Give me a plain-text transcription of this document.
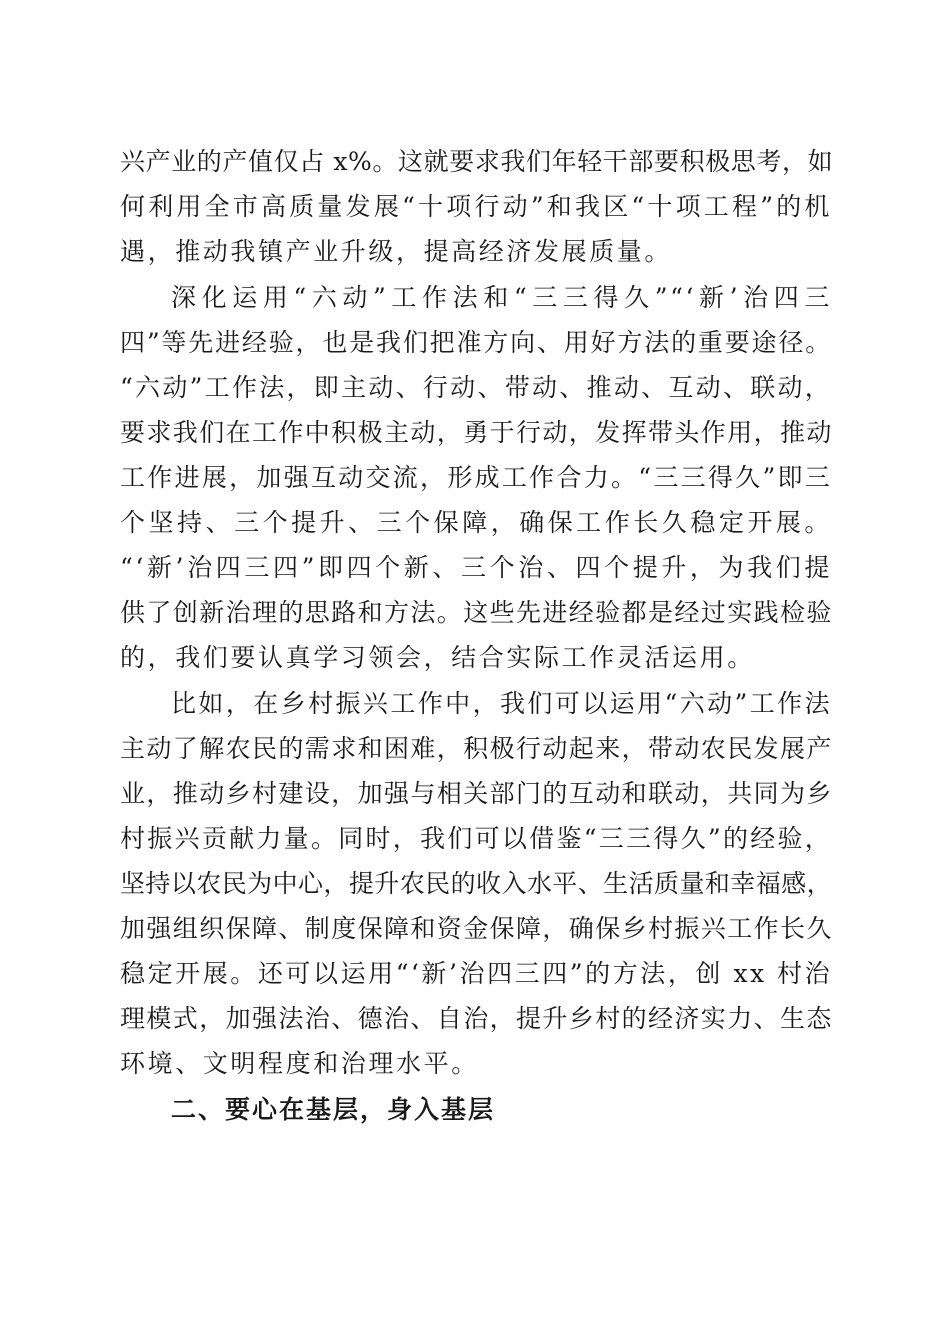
兴产业的产值仅占 x%。这就要求我们年轻干部要积极思考，如
何利用全市高质量发展“十项行动”和我区“十项工程”的机
遇，推动我镇产业升级，提高经济发展质量。
深化运用“六动”工作法和“三三得久”“‘新’治四三
四”等先进经验，也是我们把准方向、用好方法的重要途径。
“六动”工作法，即主动、行动、带动、推动、互动、联动，
要求我们在工作中积极主动，勇于行动，发挥带头作用，推动
工作进展，加强互动交流，形成工作合力。“三三得久”即三
个坚持、三个提升、三个保障，确保工作长久稳定开展。
“‘新’治四三四”即四个新、三个治、四个提升，为我们提
供了创新治理的思路和方法。这些先进经验都是经过实践检验
的，我们要认真学习领会，结合实际工作灵活运用。
比如，在乡村振兴工作中，我们可以运用“六动”工作法
主动了解农民的需求和困难，积极行动起来，带动农民发展产
业，推动乡村建设，加强与相关部门的互动和联动，共同为乡
村振兴贡献力量。同时，我们可以借鉴“三三得久”的经验，
坚持以农民为中心，提升农民的收入水平、生活质量和幸福感，
加强组织保障、制度保障和资金保障，确保乡村振兴工作长久
稳定开展。还可以运用“‘新’治四三四”的方法，创 xx 村治
理模式，加强法治、德治、自治，提升乡村的经济实力、生态
环境、文明程度和治理水平。
二、要心在基层，身入基层
